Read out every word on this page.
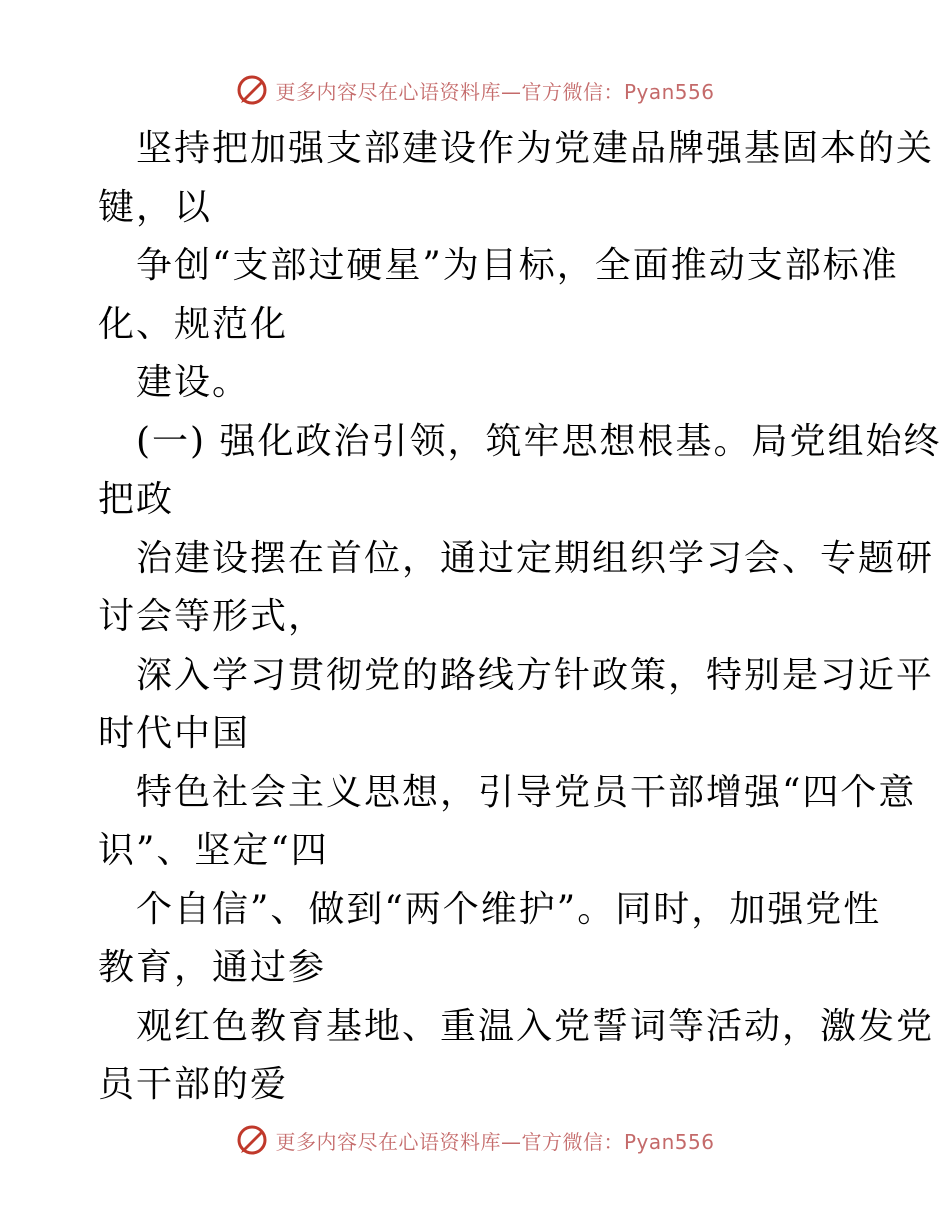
更多内容尽在心语资料库—官方微信：Pyan556
坚持把加强支部建设作为党建品牌强基固本的关
键，以
争创“支部过硬星”为目标，全面推动支部标准
化、规范化
建设。
(一) 强化政治引领，筑牢思想根基。局党组始终
把政
治建设摆在首位，通过定期组织学习会、专题研
讨会等形式，
深入学习贯彻党的路线方针政策，特别是习近平
时代中国
特色社会主义思想，引导党员干部增强“四个意
识”、坚定“四
个自信”、做到“两个维护”。同时，加强党性
教育，通过参
观红色教育基地、重温入党誓词等活动，激发党
员干部的爱
更多内容尽在心语资料库—官方微信：Pyan556
